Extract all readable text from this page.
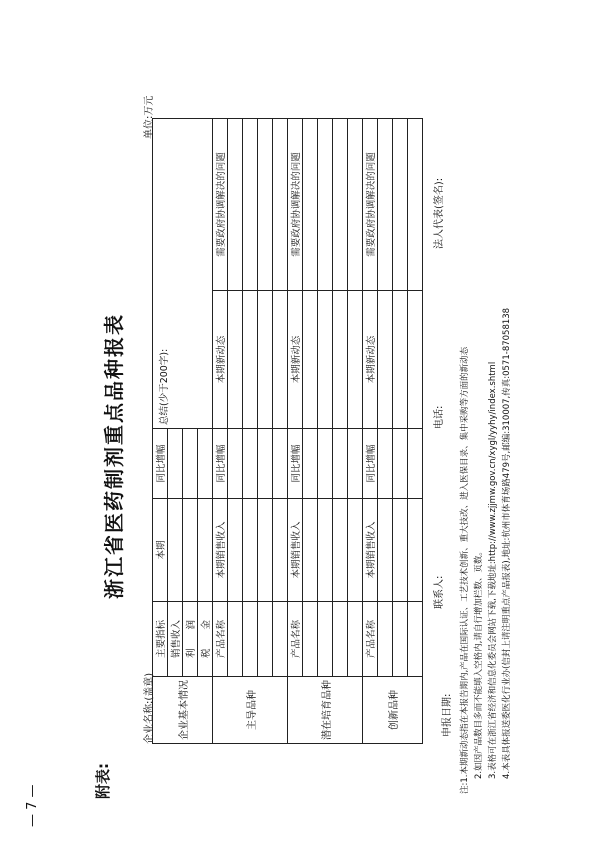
浙江省医药制剂重点品种报表
附表:
— 7 —
企业名称:(盖章)
单位:万元
企业基本情况	主要指标	本期	同比增幅	总结(少于200字):	
	销售收入				
	利　　润				
	税　　金				
主导品种	产品名称	本期销售收入	同比增幅	本期新动态	需要政府协调解决的问题

潜在培育品种	产品名称	本期销售收入	同比增幅	本期新动态	需要政府协调解决的问题

创新品种	产品名称	本期销售收入	同比增幅	本期新动态	需要政府协调解决的问题

申报日期:
联系人:
电话:
法人代表(签名):
注:1.本期新动态指在本报告期内,产品在国际认证、工艺技术创新、重大技改、进入医保目录、集中采购等方面的新动态 2.如因产品数目多而不能填入空格内,请自行增加栏数、页数。 3.表格可在浙江省经济和信息化委员会网站下载,下载地址:http://www.zjjmw.gov.cn/xygl/yyhy/index.shtml 4.本表具体报送委医化行业办(信封上请注明重点产品报表),地址:杭州市体育场路479号,邮编:310007,传真:0571-87058138
